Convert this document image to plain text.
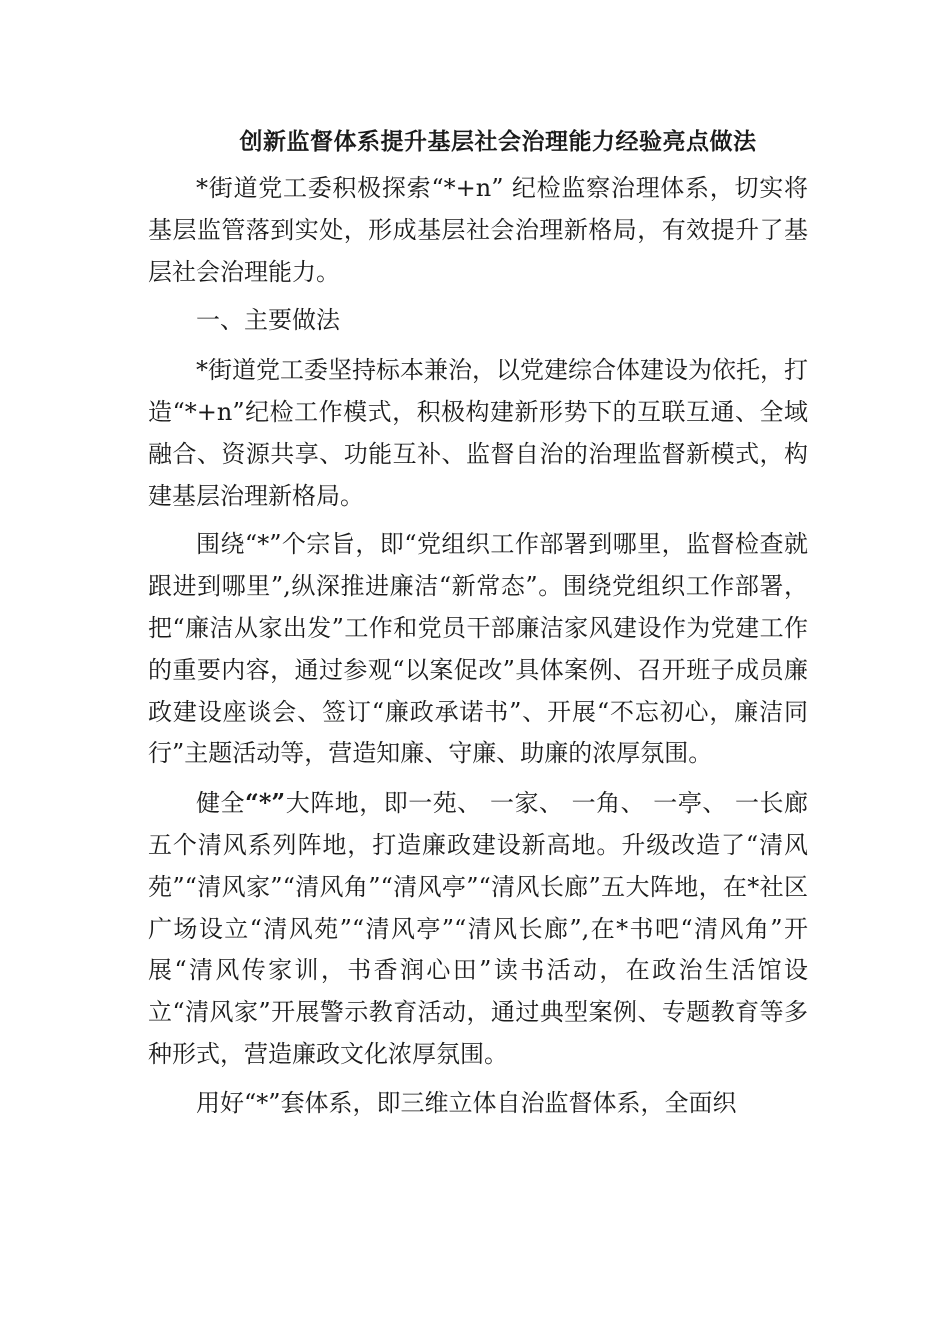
创新监督体系提升基层社会治理能力经验亮点做法

*街道党工委积极探索“*+n” 纪检监察治理体系，切实将基层监管落到实处，形成基层社会治理新格局，有效提升了基层社会治理能力。

一、主要做法

*街道党工委坚持标本兼治，以党建综合体建设为依托，打造“*+n”纪检工作模式，积极构建新形势下的互联互通、全域融合、资源共享、功能互补、监督自治的治理监督新模式，构建基层治理新格局。

围绕“*”个宗旨，即“党组织工作部署到哪里，监督检查就跟进到哪里”,纵深推进廉洁“新常态”。围绕党组织工作部署，把“廉洁从家出发”工作和党员干部廉洁家风建设作为党建工作的重要内容，通过参观“以案促改”具体案例、召开班子成员廉政建设座谈会、签订“廉政承诺书”、开展“不忘初心，廉洁同行”主题活动等，营造知廉、守廉、助廉的浓厚氛围。

健全“*”大阵地，即一苑、 一家、 一角、 一亭、 一长廊五个清风系列阵地，打造廉政建设新高地。升级改造了“清风苑”“清风家”“清风角”“清风亭”“清风长廊”五大阵地，在*社区广场设立“清风苑”“清风亭”“清风长廊”,在*书吧“清风角”开展“清风传家训，书香润心田”读书活动，在政治生活馆设立“清风家”开展警示教育活动，通过典型案例、专题教育等多种形式，营造廉政文化浓厚氛围。

用好“*”套体系，即三维立体自治监督体系，全面织
